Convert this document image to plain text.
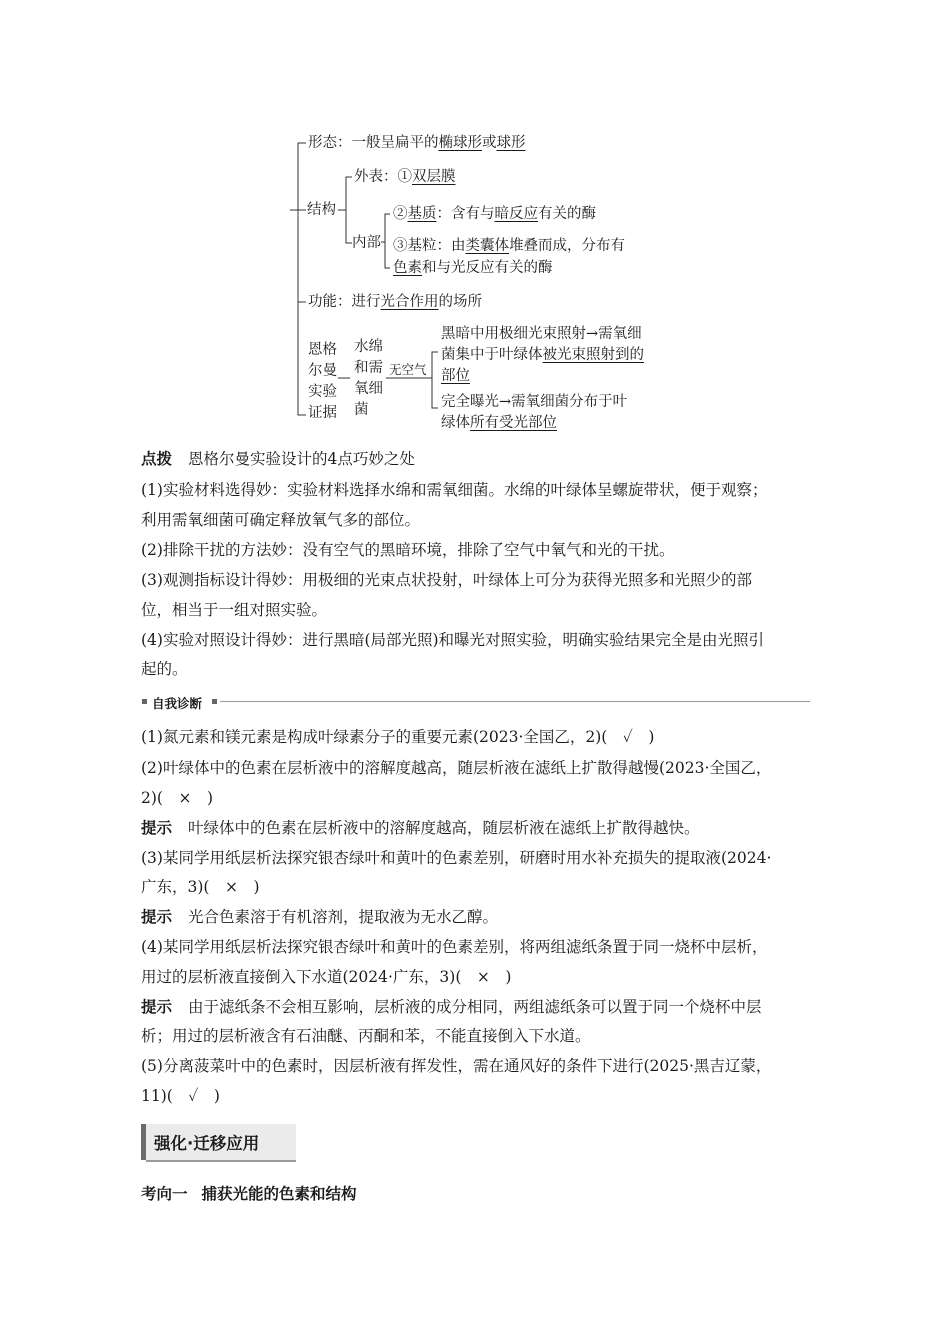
形态：一般呈扁平的椭球形或球形
结构
外表：①双层膜
内部
②基质：含有与暗反应有关的酶
③基粒：由类囊体堆叠而成，分布有
色素和与光反应有关的酶
功能：进行光合作用的场所
恩格
尔曼
实验
证据
水绵
和需
氧细
菌
无空气
黑暗中用极细光束照射→需氧细
菌集中于叶绿体被光束照射到的
部位
完全曝光→需氧细菌分布于叶
绿体所有受光部位
点拨 恩格尔曼实验设计的4点巧妙之处
(1)实验材料选得妙：实验材料选择水绵和需氧细菌。水绵的叶绿体呈螺旋带状，便于观察；
利用需氧细菌可确定释放氧气多的部位。
(2)排除干扰的方法妙：没有空气的黑暗环境，排除了空气中氧气和光的干扰。
(3)观测指标设计得妙：用极细的光束点状投射，叶绿体上可分为获得光照多和光照少的部
位，相当于一组对照实验。
(4)实验对照设计得妙：进行黑暗(局部光照)和曝光对照实验，明确实验结果完全是由光照引
起的。
自我诊断
(1)氮元素和镁元素是构成叶绿素分子的重要元素(2023·全国乙，2)(　✓　)
(2)叶绿体中的色素在层析液中的溶解度越高，随层析液在滤纸上扩散得越慢(2023·全国乙，
2)(　×　)
提示 叶绿体中的色素在层析液中的溶解度越高，随层析液在滤纸上扩散得越快。
(3)某同学用纸层析法探究银杏绿叶和黄叶的色素差别，研磨时用水补充损失的提取液(2024·
广东，3)(　×　)
提示 光合色素溶于有机溶剂，提取液为无水乙醇。
(4)某同学用纸层析法探究银杏绿叶和黄叶的色素差别，将两组滤纸条置于同一烧杯中层析，
用过的层析液直接倒入下水道(2024·广东，3)(　×　)
提示 由于滤纸条不会相互影响，层析液的成分相同，两组滤纸条可以置于同一个烧杯中层
析；用过的层析液含有石油醚、丙酮和苯，不能直接倒入下水道。
(5)分离菠菜叶中的色素时，因层析液有挥发性，需在通风好的条件下进行(2025·黑吉辽蒙，
11)(　✓　)
强化·迁移应用
考向一 捕获光能的色素和结构
